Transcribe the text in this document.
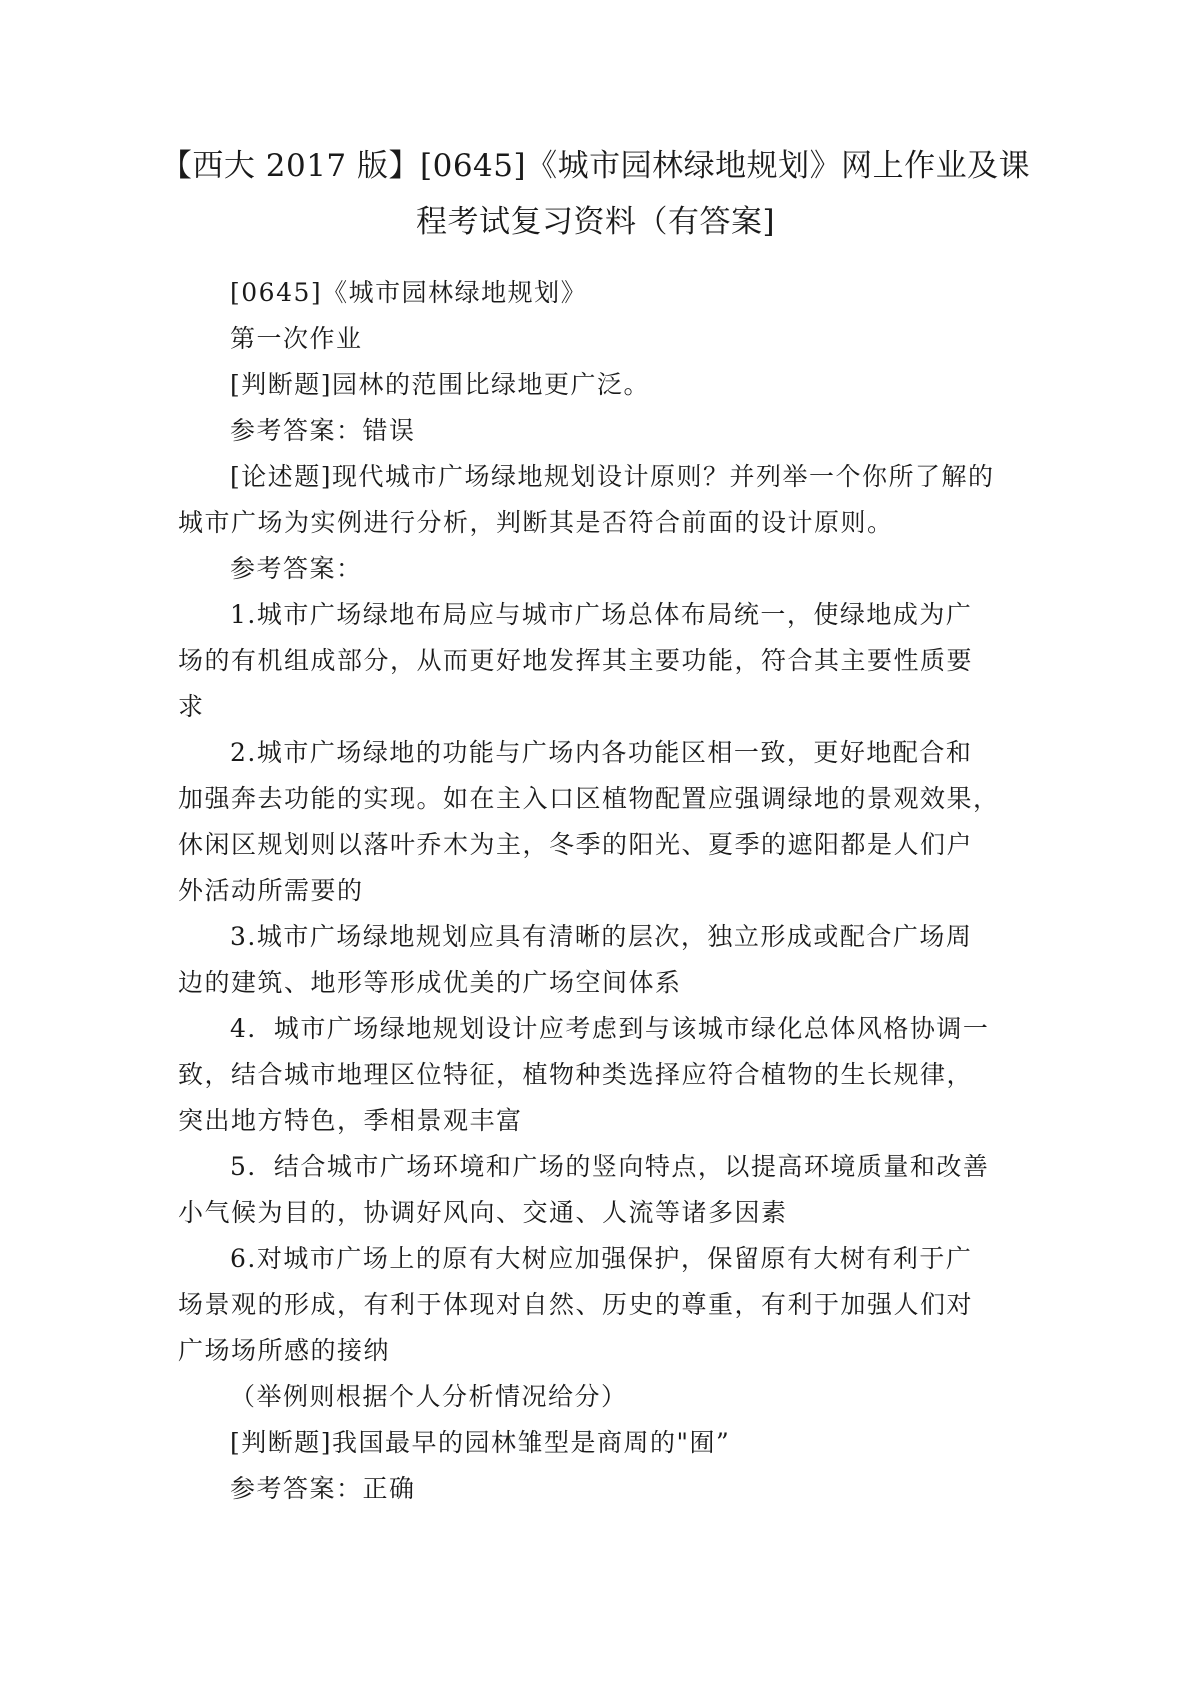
【西大 2017 版】[0645]《城市园林绿地规划》网上作业及课
程考试复习资料（有答案]
[0645]《城市园林绿地规划》
第一次作业
[判断题]园林的范围比绿地更广泛。
参考答案：错误
[论述题]现代城市广场绿地规划设计原则？并列举一个你所了解的
城市广场为实例进行分析，判断其是否符合前面的设计原则。
参考答案：
1.城市广场绿地布局应与城市广场总体布局统一，使绿地成为广
场的有机组成部分，从而更好地发挥其主要功能，符合其主要性质要
求
2.城市广场绿地的功能与广场内各功能区相一致，更好地配合和
加强奔去功能的实现。如在主入口区植物配置应强调绿地的景观效果，
休闲区规划则以落叶乔木为主，冬季的阳光、夏季的遮阳都是人们户
外活动所需要的
3.城市广场绿地规划应具有清晰的层次，独立形成或配合广场周
边的建筑、地形等形成优美的广场空间体系
4．城市广场绿地规划设计应考虑到与该城市绿化总体风格协调一
致，结合城市地理区位特征，植物种类选择应符合植物的生长规律，
突出地方特色，季相景观丰富
5．结合城市广场环境和广场的竖向特点，以提高环境质量和改善
小气候为目的，协调好风向、交通、人流等诸多因素
6.对城市广场上的原有大树应加强保护，保留原有大树有利于广
场景观的形成，有利于体现对自然、历史的尊重，有利于加强人们对
广场场所感的接纳
（举例则根据个人分析情况给分）
[判断题]我国最早的园林雏型是商周的"囿”
参考答案：正确
